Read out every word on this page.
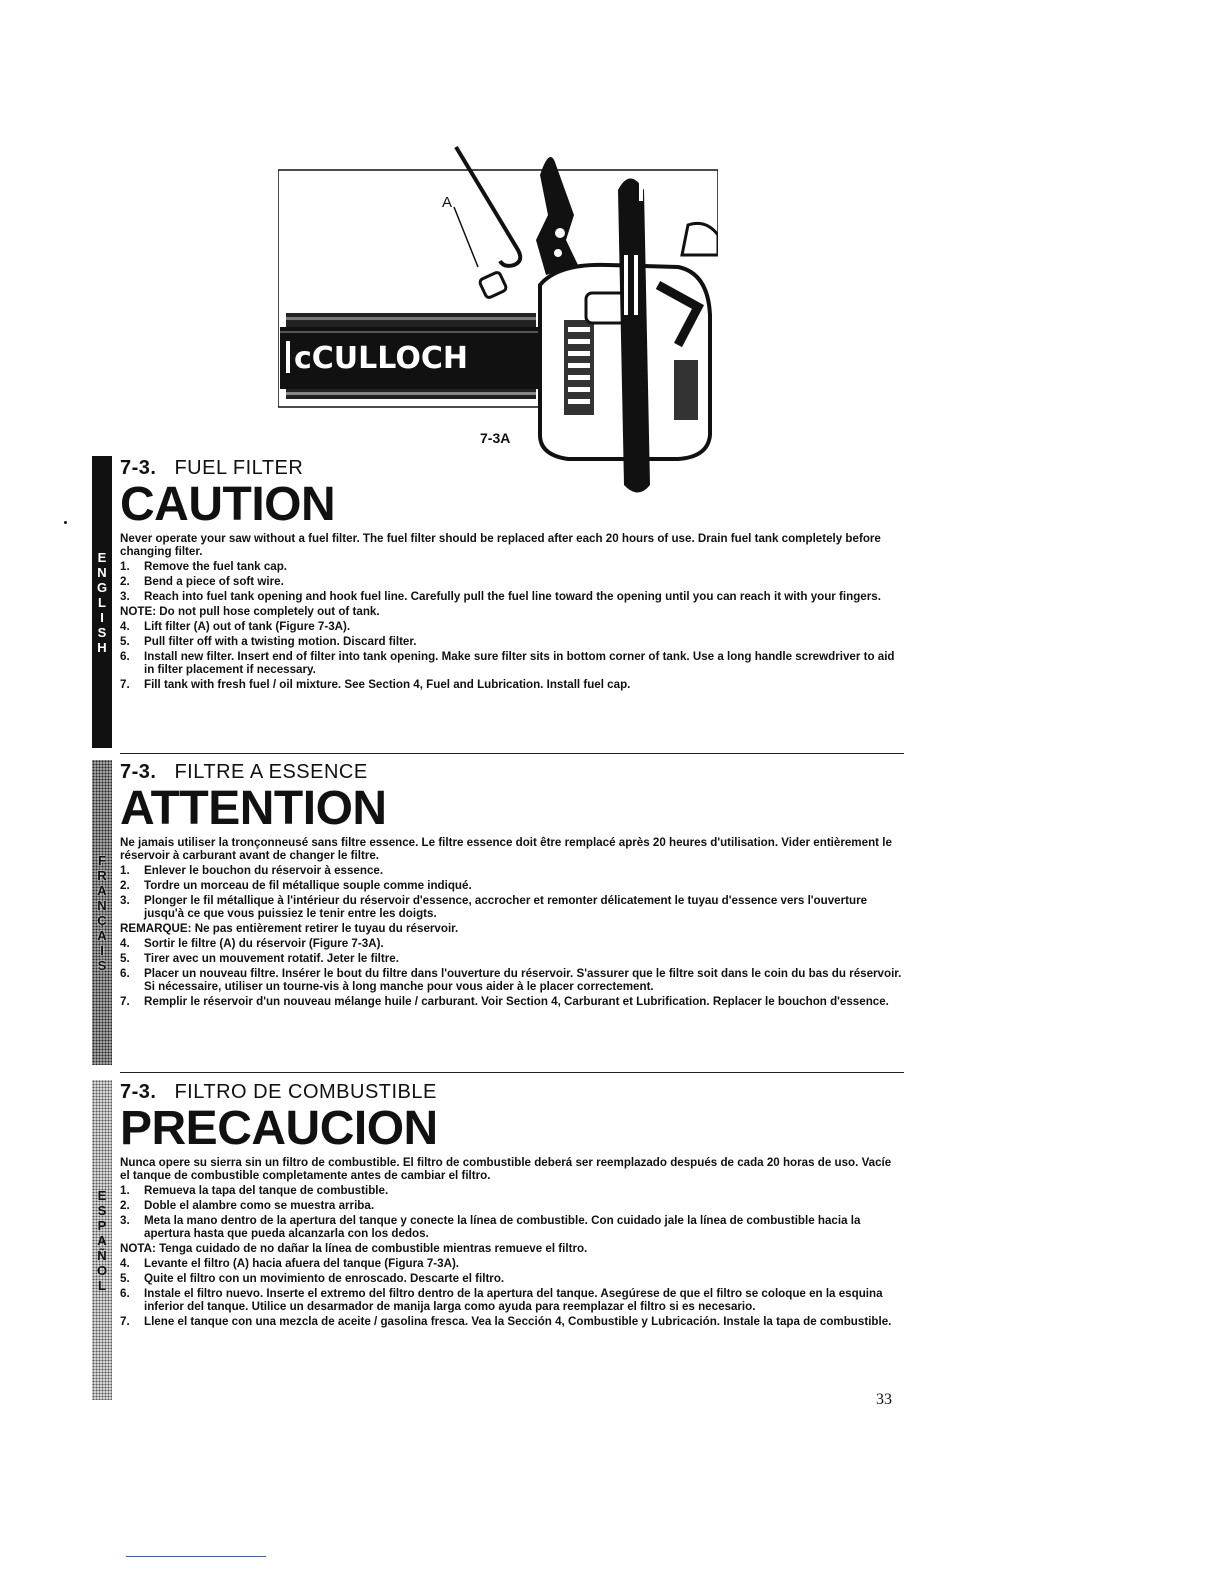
cCULLOCH
A
7-3A
E
N
G
L
I
S
H
7-3. FUEL FILTER
CAUTION

Never operate your saw without a fuel filter. The fuel filter should be replaced after each 20 hours of use. Drain fuel tank completely before changing filter.

1.	Remove the fuel tank cap.
2.	Bend a piece of soft wire.
3.	Reach into fuel tank opening and hook fuel line. Carefully pull the fuel line toward the opening until you can reach it with your fingers.
NOTE: Do not pull hose completely out of tank.
4.	Lift filter (A) out of tank (Figure 7-3A).
5.	Pull filter off with a twisting motion. Discard filter.
6.	Install new filter. Insert end of filter into tank opening. Make sure filter sits in bottom corner of tank. Use a long handle screwdriver to aid in filter placement if necessary.
7.	Fill tank with fresh fuel / oil mixture. See Section 4, Fuel and Lubrication. Install fuel cap.
F
R
A
N
Ç
A
I
S
7-3. FILTRE A ESSENCE
ATTENTION

Ne jamais utiliser la tronçonneusé sans filtre essence. Le filtre essence doit être remplacé après 20 heures d'utilisation. Vider entièrement le réservoir à carburant avant de changer le filtre.

1.	Enlever le bouchon du réservoir à essence.
2.	Tordre un morceau de fil métallique souple comme indiqué.
3.	Plonger le fil métallique à l'intérieur du réservoir d'essence, accrocher et remonter délicatement le tuyau d'essence vers l'ouverture jusqu'à ce que vous puissiez le tenir entre les doigts.
REMARQUE: Ne pas entièrement retirer le tuyau du réservoir.
4.	Sortir le filtre (A) du réservoir (Figure 7-3A).
5.	Tirer avec un mouvement rotatif. Jeter le filtre.
6.	Placer un nouveau filtre. Insérer le bout du filtre dans l'ouverture du réservoir. S'assurer que le filtre soit dans le coin du bas du réservoir. Si nécessaire, utiliser un tourne-vis à long manche pour vous aider à le placer correctement.
7.	Remplir le réservoir d'un nouveau mélange huile / carburant. Voir Section 4, Carburant et Lubrification. Replacer le bouchon d'essence.
E
S
P
A
Ñ
O
L
7-3. FILTRO DE COMBUSTIBLE
PRECAUCION

Nunca opere su sierra sin un filtro de combustible. El filtro de combustible deberá ser reemplazado después de cada 20 horas de uso. Vacíe el tanque de combustible completamente antes de cambiar el filtro.

1.	Remueva la tapa del tanque de combustible.
2.	Doble el alambre como se muestra arriba.
3.	Meta la mano dentro de la apertura del tanque y conecte la línea de combustible. Con cuidado jale la línea de combustible hacia la apertura hasta que pueda alcanzarla con los dedos.
NOTA: Tenga cuidado de no dañar la línea de combustible mientras remueve el filtro.
4.	Levante el filtro (A) hacia afuera del tanque (Figura 7-3A).
5.	Quite el filtro con un movimiento de enroscado. Descarte el filtro.
6.	Instale el filtro nuevo. Inserte el extremo del filtro dentro de la apertura del tanque. Asegúrese de que el filtro se coloque en la esquina inferior del tanque. Utilice un desarmador de manija larga como ayuda para reemplazar el filtro si es necesario.
7.	Llene el tanque con una mezcla de aceite / gasolina fresca. Vea la Sección 4, Combustible y Lubricación. Instale la tapa de combustible.
33
